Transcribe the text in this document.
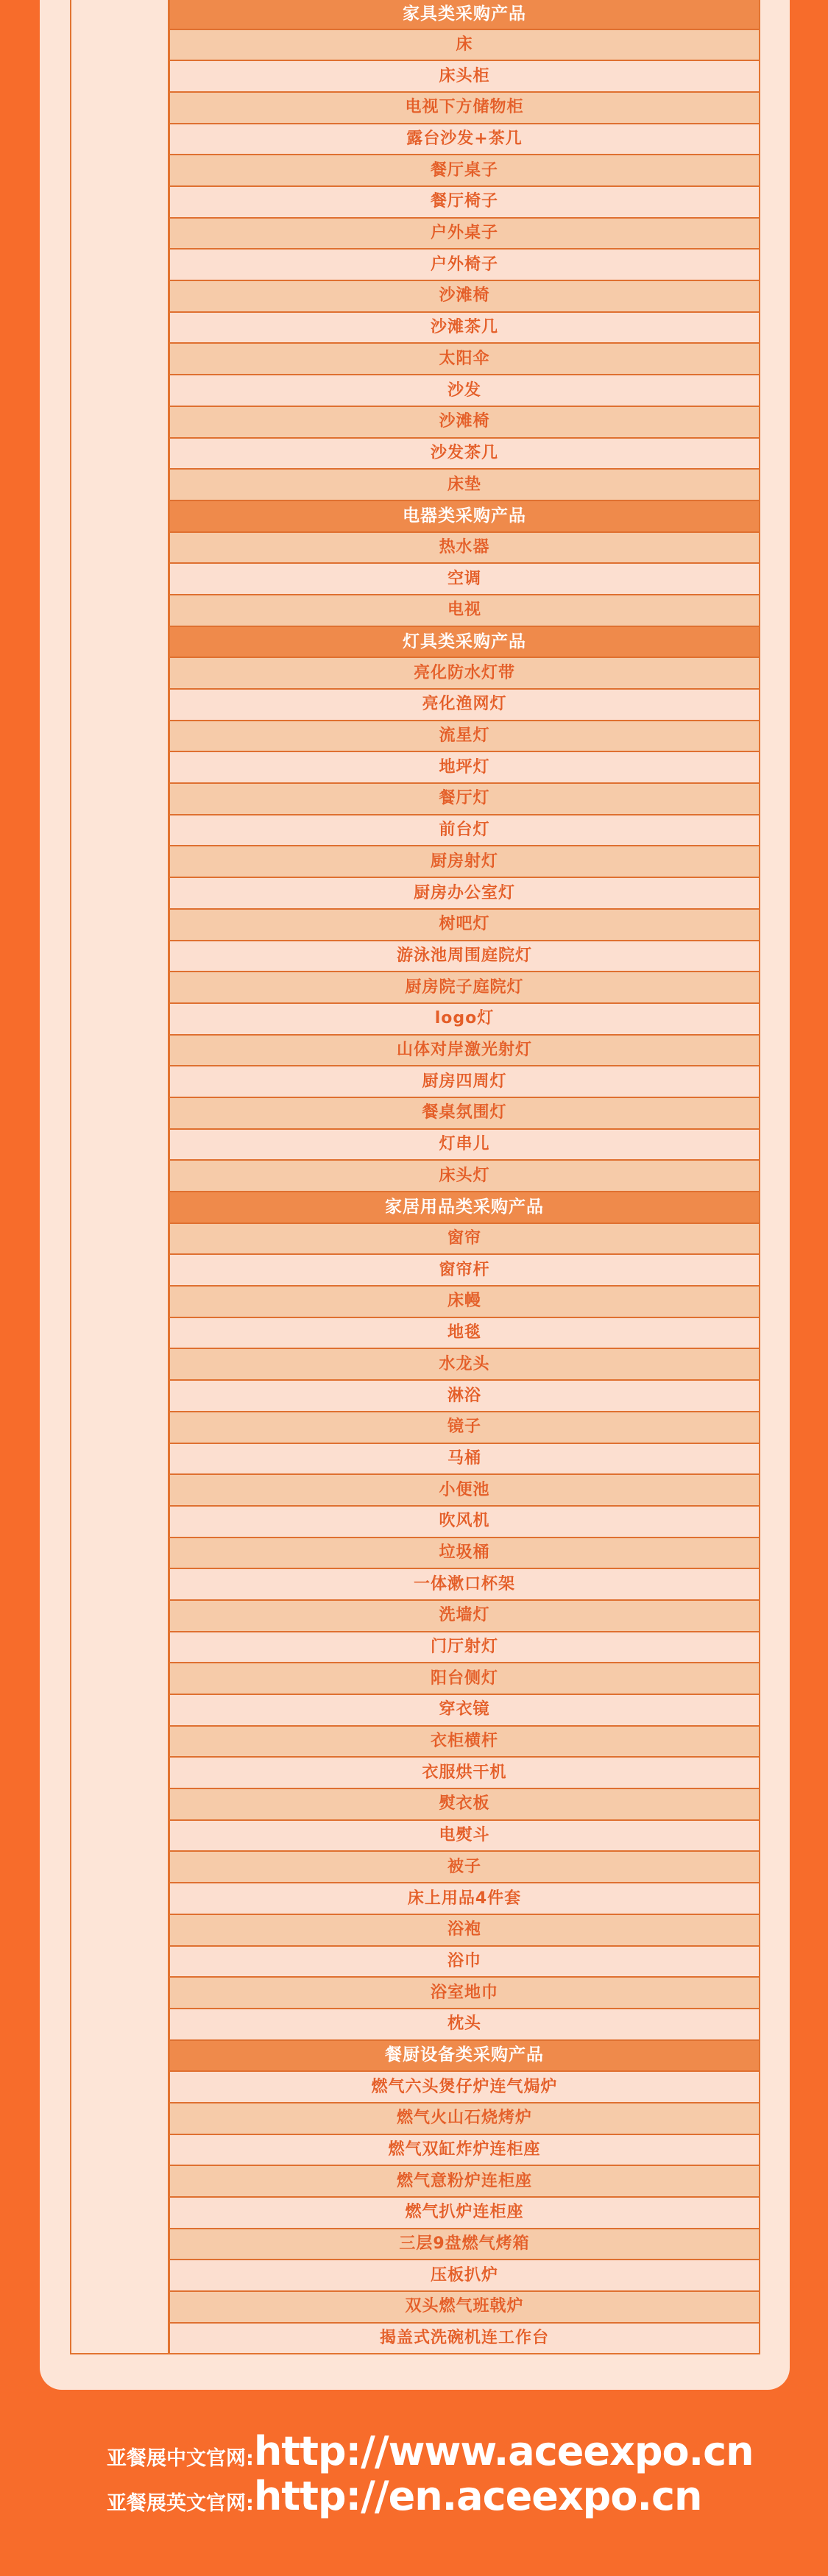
家具类采购产品
床
床头柜
电视下方储物柜
露台沙发+茶几
餐厅桌子
餐厅椅子
户外桌子
户外椅子
沙滩椅
沙滩茶几
太阳伞
沙发
沙滩椅
沙发茶几
床垫
电器类采购产品
热水器
空调
电视
灯具类采购产品
亮化防水灯带
亮化渔网灯
流星灯
地坪灯
餐厅灯
前台灯
厨房射灯
厨房办公室灯
树吧灯
游泳池周围庭院灯
厨房院子庭院灯
logo灯
山体对岸激光射灯
厨房四周灯
餐桌氛围灯
灯串儿
床头灯
家居用品类采购产品
窗帘
窗帘杆
床幔
地毯
水龙头
淋浴
镜子
马桶
小便池
吹风机
垃圾桶
一体漱口杯架
洗墙灯
门厅射灯
阳台侧灯
穿衣镜
衣柜横杆
衣服烘干机
熨衣板
电熨斗
被子
床上用品4件套
浴袍
浴巾
浴室地巾
枕头
餐厨设备类采购产品
燃气六头煲仔炉连气焗炉
燃气火山石烧烤炉
燃气双缸炸炉连柜座
燃气意粉炉连柜座
燃气扒炉连柜座
三层9盘燃气烤箱
压板扒炉
双头燃气班戟炉
揭盖式洗碗机连工作台
亚餐展中文官网: http://www.aceexpo.cn
亚餐展英文官网: http://en.aceexpo.cn
